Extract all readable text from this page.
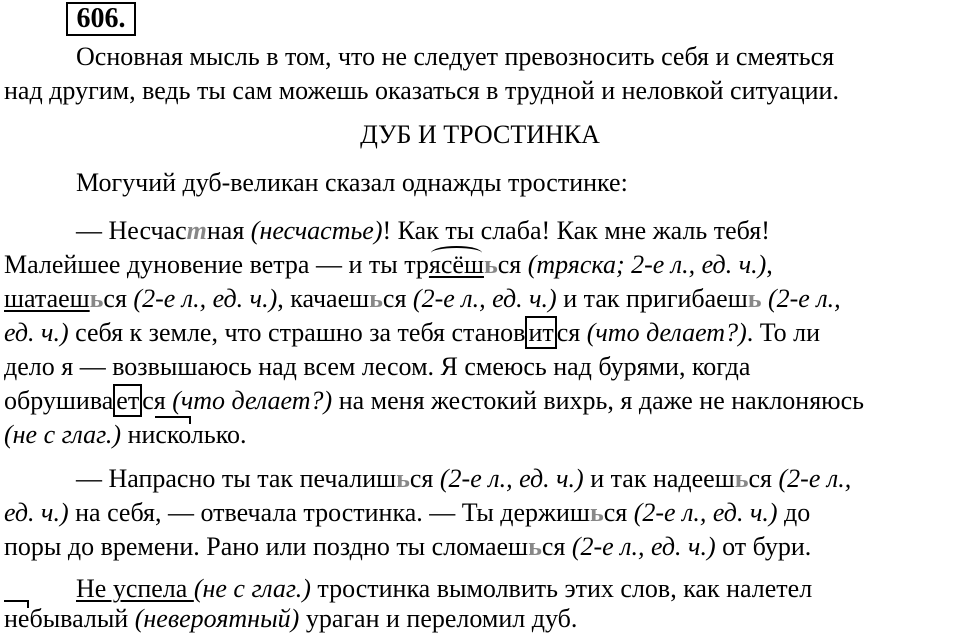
606.
Основная мысль в том, что не следует превозносить себя и смеяться
над другим, ведь ты сам можешь оказаться в трудной и неловкой ситуации.
ДУБ И ТРОСТИНКА
Могучий дуб-великан сказал однажды тростинке:
— Несчастная (несчастье)! Как ты слаба! Как мне жаль тебя!
Малейшее дуновение ветра — и ты трясёшься (тряска; 2-е л., ед. ч.),
шатаешься (2-е л., ед. ч.), качаешься (2-е л., ед. ч.) и так пригибаешь (2-е л.,
ед. ч.) себя к земле, что страшно за тебя станов ит ся (что делает?). То ли
дело я — возвышаюсь над всем лесом. Я смеюсь над бурями, когда
обрушива ет ся (что делает?) на меня жестокий вихрь, я даже не наклоняюсь
(не с глаг.) нисколько.
— Напрасно ты так печалишься (2-е л., ед. ч.) и так надеешься (2-е л.,
ед. ч.) на себя, — отвечала тростинка. — Ты держишься (2-е л., ед. ч.) до
поры до времени. Рано или поздно ты сломаешься (2-е л., ед. ч.) от бури.
Не успела (не с глаг.) тростинка вымолвить этих слов, как налетел
небывалый (невероятный) ураган и переломил дуб.
